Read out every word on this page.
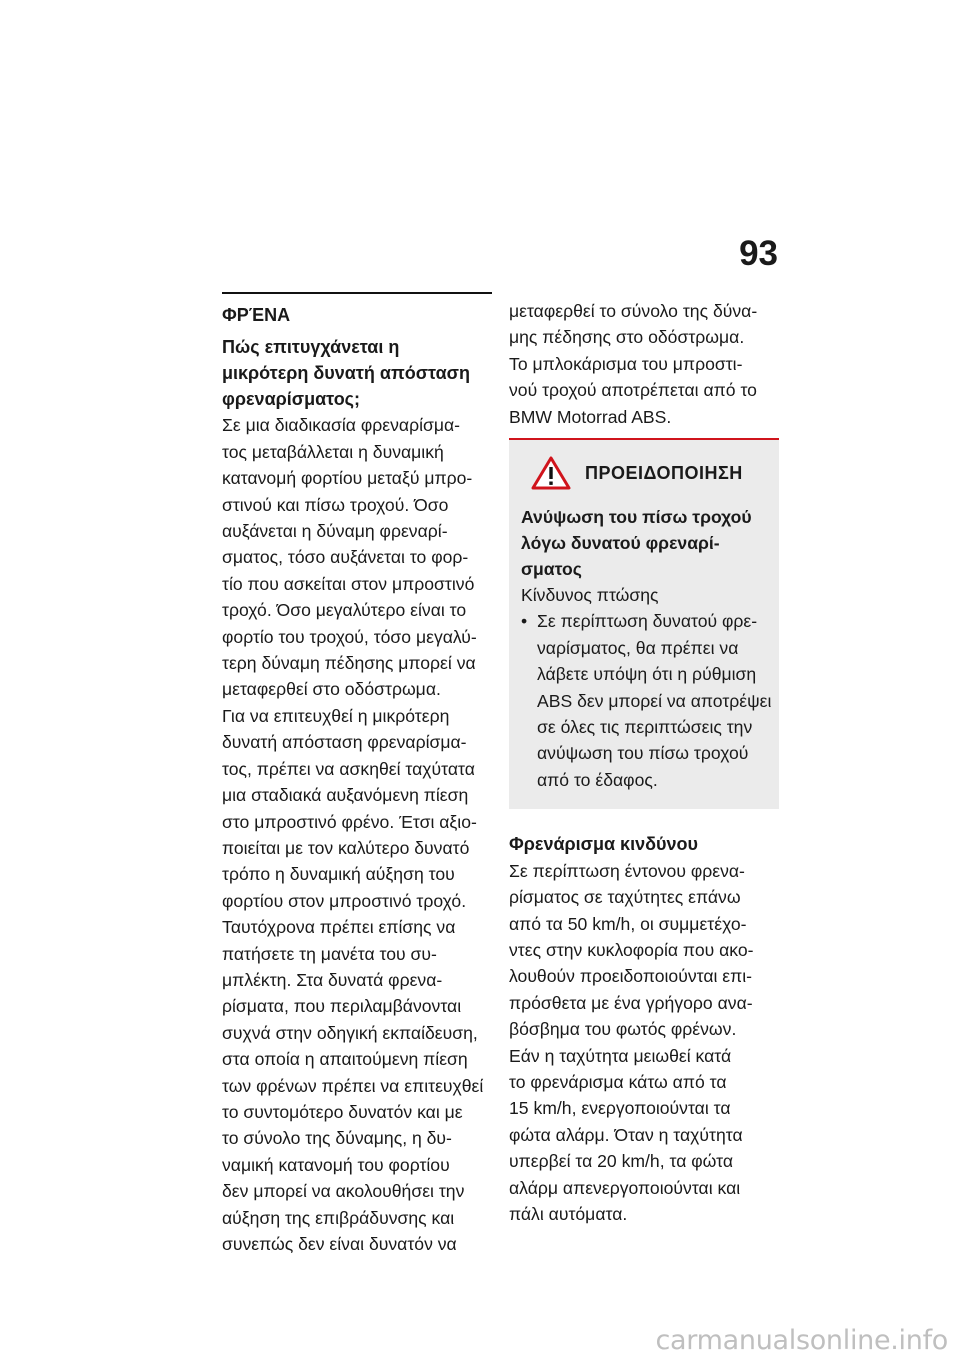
93
ΦΡΈΝΑ
Πώς επιτυγχάνεται η
μικρότερη δυνατή απόσταση
φρεναρίσματος;
Σε μια διαδικασία φρεναρίσμα-
τος μεταβάλλεται η δυναμική
κατανομή φορτίου μεταξύ μπρο-
στινού και πίσω τροχού. Όσο
αυξάνεται η δύναμη φρεναρί-
σματος, τόσο αυξάνεται το φορ-
τίο που ασκείται στον μπροστινό
τροχό. Όσο μεγαλύτερο είναι το
φορτίο του τροχού, τόσο μεγαλύ-
τερη δύναμη πέδησης μπορεί να
μεταφερθεί στο οδόστρωμα.
Για να επιτευχθεί η μικρότερη
δυνατή απόσταση φρεναρίσμα-
τος, πρέπει να ασκηθεί ταχύτατα
μια σταδιακά αυξανόμενη πίεση
στο μπροστινό φρένο. Έτσι αξιο-
ποιείται με τον καλύτερο δυνατό
τρόπο η δυναμική αύξηση του
φορτίου στον μπροστινό τροχό.
Ταυτόχρονα πρέπει επίσης να
πατήσετε τη μανέτα του συ-
μπλέκτη. Στα δυνατά φρενα-
ρίσματα, που περιλαμβάνονται
συχνά στην οδηγική εκπαίδευση,
στα οποία η απαιτούμενη πίεση
των φρένων πρέπει να επιτευχθεί
το συντομότερο δυνατόν και με
το σύνολο της δύναμης, η δυ-
ναμική κατανομή του φορτίου
δεν μπορεί να ακολουθήσει την
αύξηση της επιβράδυνσης και
συνεπώς δεν είναι δυνατόν να
μεταφερθεί το σύνολο της δύνα-
μης πέδησης στο οδόστρωμα.
Το μπλοκάρισμα του μπροστι-
νού τροχού αποτρέπεται από το
BMW Motorrad ABS.
ΠΡΟΕΙΔΟΠΟΙΗΣΗ
Ανύψωση του πίσω τροχού
λόγω δυνατού φρεναρί-
σματος
Κίνδυνος πτώσης
• Σε περίπτωση δυνατού φρε-
ναρίσματος, θα πρέπει να
λάβετε υπόψη ότι η ρύθμιση
ABS δεν μπορεί να αποτρέψει
σε όλες τις περιπτώσεις την
ανύψωση του πίσω τροχού
από το έδαφος.
Φρενάρισμα κινδύνου
Σε περίπτωση έντονου φρενα-
ρίσματος σε ταχύτητες επάνω
από τα 50 km/h, οι συμμετέχο-
ντες στην κυκλοφορία που ακο-
λουθούν προειδοποιούνται επι-
πρόσθετα με ένα γρήγορο ανα-
βόσβημα του φωτός φρένων.
Εάν η ταχύτητα μειωθεί κατά
το φρενάρισμα κάτω από τα
15 km/h, ενεργοποιούνται τα
φώτα αλάρμ. Όταν η ταχύτητα
υπερβεί τα 20 km/h, τα φώτα
αλάρμ απενεργοποιούνται και
πάλι αυτόματα.
carmanualsonline.info
